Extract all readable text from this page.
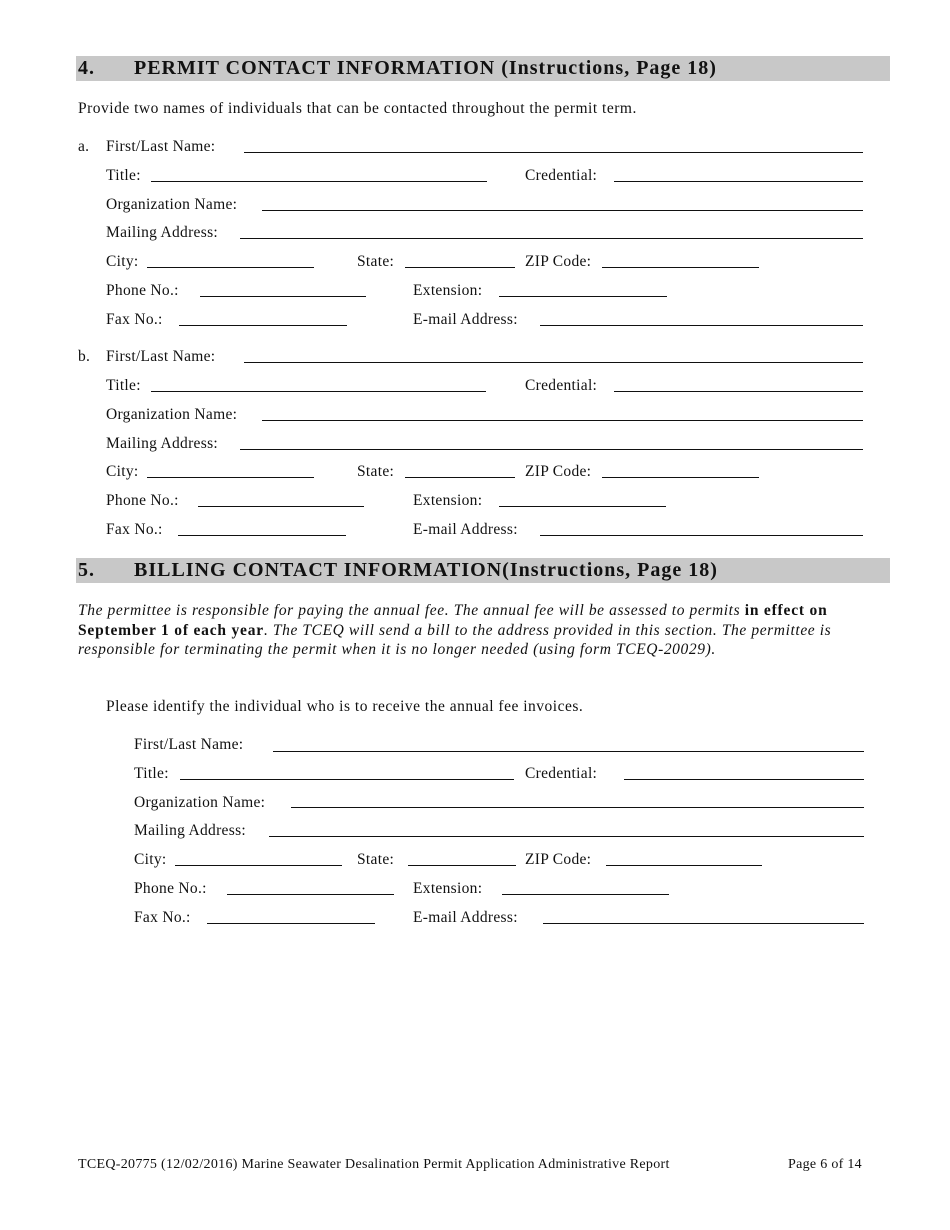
4. PERMIT CONTACT INFORMATION (Instructions, Page 18)
Provide two names of individuals that can be contacted throughout the permit term.
a. First/Last Name:
Title:	Credential:
Organization Name:
Mailing Address:
City:	State:	ZIP Code:
Phone No.:	Extension:
Fax No.:	E-mail Address:
b. First/Last Name:
Title:	Credential:
Organization Name:
Mailing Address:
City:	State:	ZIP Code:
Phone No.:	Extension:
Fax No.:	E-mail Address:
5. BILLING CONTACT INFORMATION(Instructions, Page 18)
The permittee is responsible for paying the annual fee. The annual fee will be assessed to permits in effect on September 1 of each year. The TCEQ will send a bill to the address provided in this section. The permittee is responsible for terminating the permit when it is no longer needed (using form TCEQ-20029).
Please identify the individual who is to receive the annual fee invoices.
First/Last Name:
Title:	Credential:
Organization Name:
Mailing Address:
City:	State:	ZIP Code:
Phone No.:	Extension:
Fax No.:	E-mail Address:
TCEQ-20775 (12/02/2016) Marine Seawater Desalination Permit Application Administrative Report	Page 6 of 14
